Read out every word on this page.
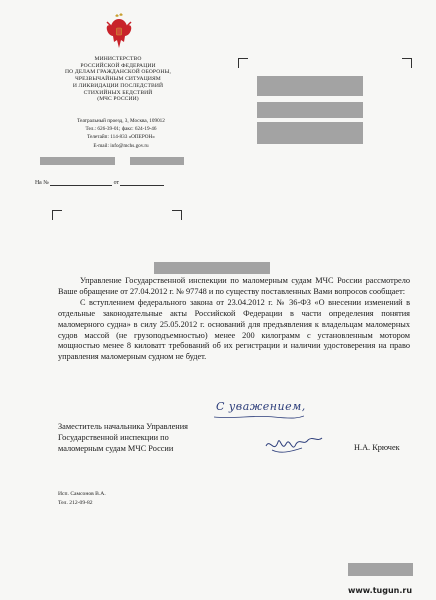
МИНИСТЕРСТВО
РОССИЙСКОЙ ФЕДЕРАЦИИ
ПО ДЕЛАМ ГРАЖДАНСКОЙ ОБОРОНЫ,
ЧРЕЗВЫЧАЙНЫМ СИТУАЦИЯМ
И ЛИКВИДАЦИИ ПОСЛЕДСТВИЙ
СТИХИЙНЫХ БЕДСТВИЙ
(МЧС РОССИИ)
Театральный проезд, 3, Москва, 109012
Тел.: 626-39-01; факс: 624-19-46
Телетайп: 114-833 «ОПЕРОН»
E-mail: info@mchs.gov.ru
На №	от

Управление Государственной инспекции по маломерным судам МЧС России рассмотрело Ваше обращение от 27.04.2012 г. № 97748 и по существу поставленных Вами вопросов сообщает:

С вступлением федерального закона от 23.04.2012 г. № 36-ФЗ «О внесении изменений в отдельные законодательные акты Российской Федерации в части определения понятия маломерного судна» в силу 25.05.2012 г. оснований для предъявления к владельцам маломерных судов массой (не грузоподъемностью) менее 200 килограмм с установленным мотором мощностью менее 8 киловатт требований об их регистрации и наличии удостоверения на право управления маломерным судном не будет.

С уважением,
Заместитель начальника Управления
Государственной инспекции по
маломерным судам МЧС России	Н.А. Крючек
Исп. Самсонов В.А.
Тел. 212-09-82
www.tugun.ru
